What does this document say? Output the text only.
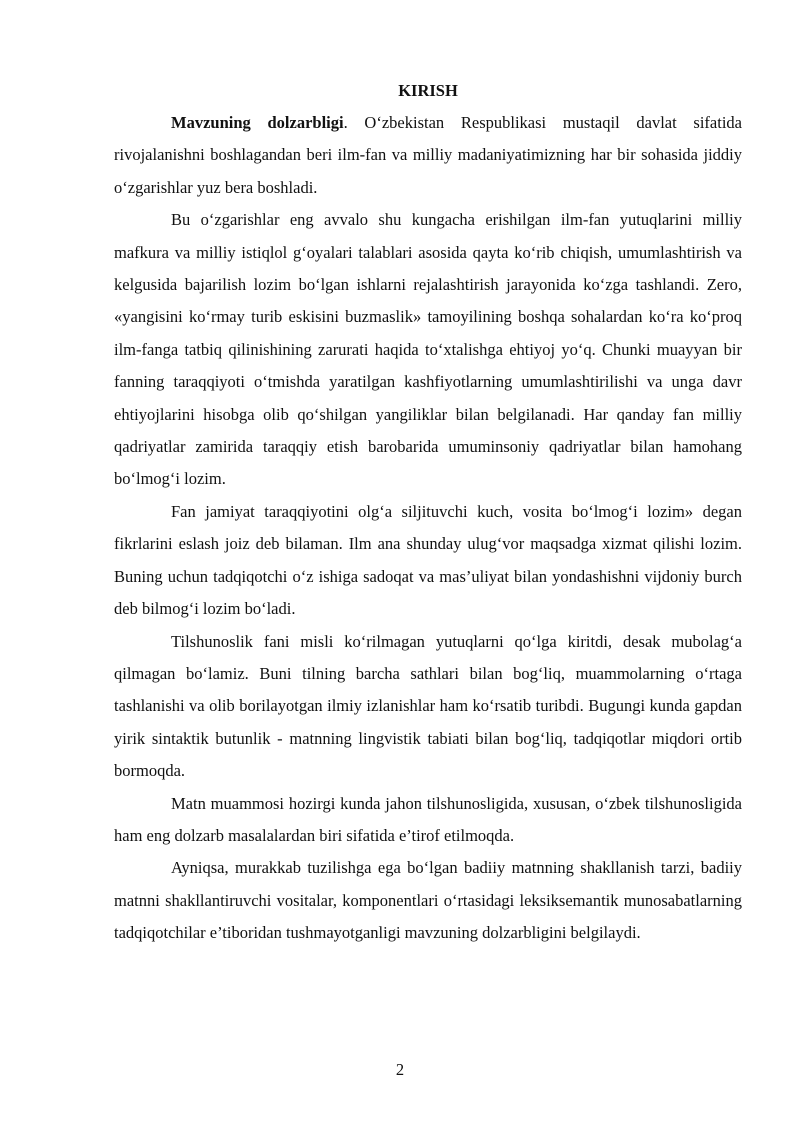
KIRISH

Mavzuning dolzarbligi. O‘zbekistan Respublikasi mustaqil davlat sifatida rivojalanishni boshlagandan beri ilm-fan va milliy madaniyatimizning har bir sohasida jiddiy o‘zgarishlar yuz bera boshladi.

Bu o‘zgarishlar eng avvalo shu kungacha erishilgan ilm-fan yutuqlarini milliy mafkura va milliy istiqlol g‘oyalari talablari asosida qayta ko‘rib chiqish, umumlashtirish va kelgusida bajarilish lozim bo‘lgan ishlarni rejalashtirish jarayonida ko‘zga tashlandi. Zero, «yangisini ko‘rmay turib eskisini buzmaslik» tamoyilining boshqa sohalardan ko‘ra ko‘proq ilm-fanga tatbiq qilinishining zarurati haqida to‘xtalishga ehtiyoj yo‘q. Chunki muayyan bir fanning taraqqiyoti o‘tmishda yaratilgan kashfiyotlarning umumlashtirilishi va unga davr ehtiyojlarini hisobga olib qo‘shilgan yangiliklar bilan belgilanadi. Har qanday fan milliy qadriyatlar zamirida taraqqiy etish barobarida umuminsoniy qadriyatlar bilan hamohang bo‘lmog‘i lozim.

Fan jamiyat taraqqiyotini olg‘a siljituvchi kuch, vosita bo‘lmog‘i lozim» degan fikrlarini eslash joiz deb bilaman. Ilm ana shunday ulug‘vor maqsadga xizmat qilishi lozim. Buning uchun tadqiqotchi o‘z ishiga sadoqat va mas’uliyat bilan yondashishni vijdoniy burch deb bilmog‘i lozim bo‘ladi.

Tilshunoslik fani misli ko‘rilmagan yutuqlarni qo‘lga kiritdi, desak mubolag‘a qilmagan bo‘lamiz. Buni tilning barcha sathlari bilan bog‘liq, muammolarning o‘rtaga tashlanishi va olib borilayotgan ilmiy izlanishlar ham ko‘rsatib turibdi. Bugungi kunda gapdan yirik sintaktik butunlik - matnning lingvistik tabiati bilan bog‘liq, tadqiqotlar miqdori ortib bormoqda.

Matn muammosi hozirgi kunda jahon tilshunosligida, xususan, o‘zbek tilshunosligida ham eng dolzarb masalalardan biri sifatida e’tirof etilmoqda.

Ayniqsa, murakkab tuzilishga ega bo‘lgan badiiy matnning shakllanish tarzi, badiiy matnni shakllantiruvchi vositalar, komponentlari o‘rtasidagi leksiksemantik munosabatlarning tadqiqotchilar e’tiboridan tushmayotganligi mavzuning dolzarbligini belgilaydi.

2
